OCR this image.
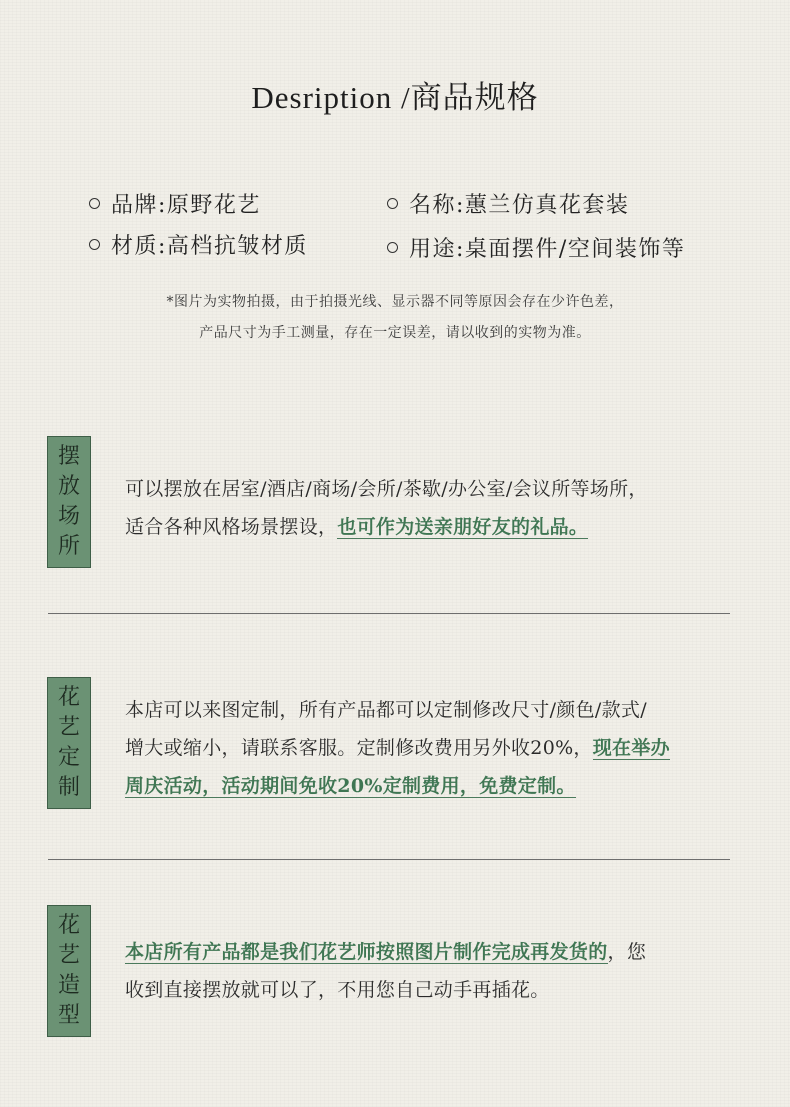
Desription /商品规格
品牌:原野花艺	名称:蕙兰仿真花套装
材质:高档抗皱材质	用途:桌面摆件/空间装饰等
*图片为实物拍摄，由于拍摄光线、显示器不同等原因会存在少许色差，
产品尺寸为手工测量，存在一定误差，请以收到的实物为准。
摆
放
场
所
可以摆放在居室/酒店/商场/会所/茶歇/办公室/会议所等场所，
适合各种风格场景摆设，也可作为送亲朋好友的礼品。
花
艺
定
制
本店可以来图定制，所有产品都可以定制修改尺寸/颜色/款式/
增大或缩小，请联系客服。定制修改费用另外收20%，现在举办
周庆活动，活动期间免收20%定制费用，免费定制。
花
艺
造
型
本店所有产品都是我们花艺师按照图片制作完成再发货的，您
收到直接摆放就可以了，不用您自己动手再插花。
